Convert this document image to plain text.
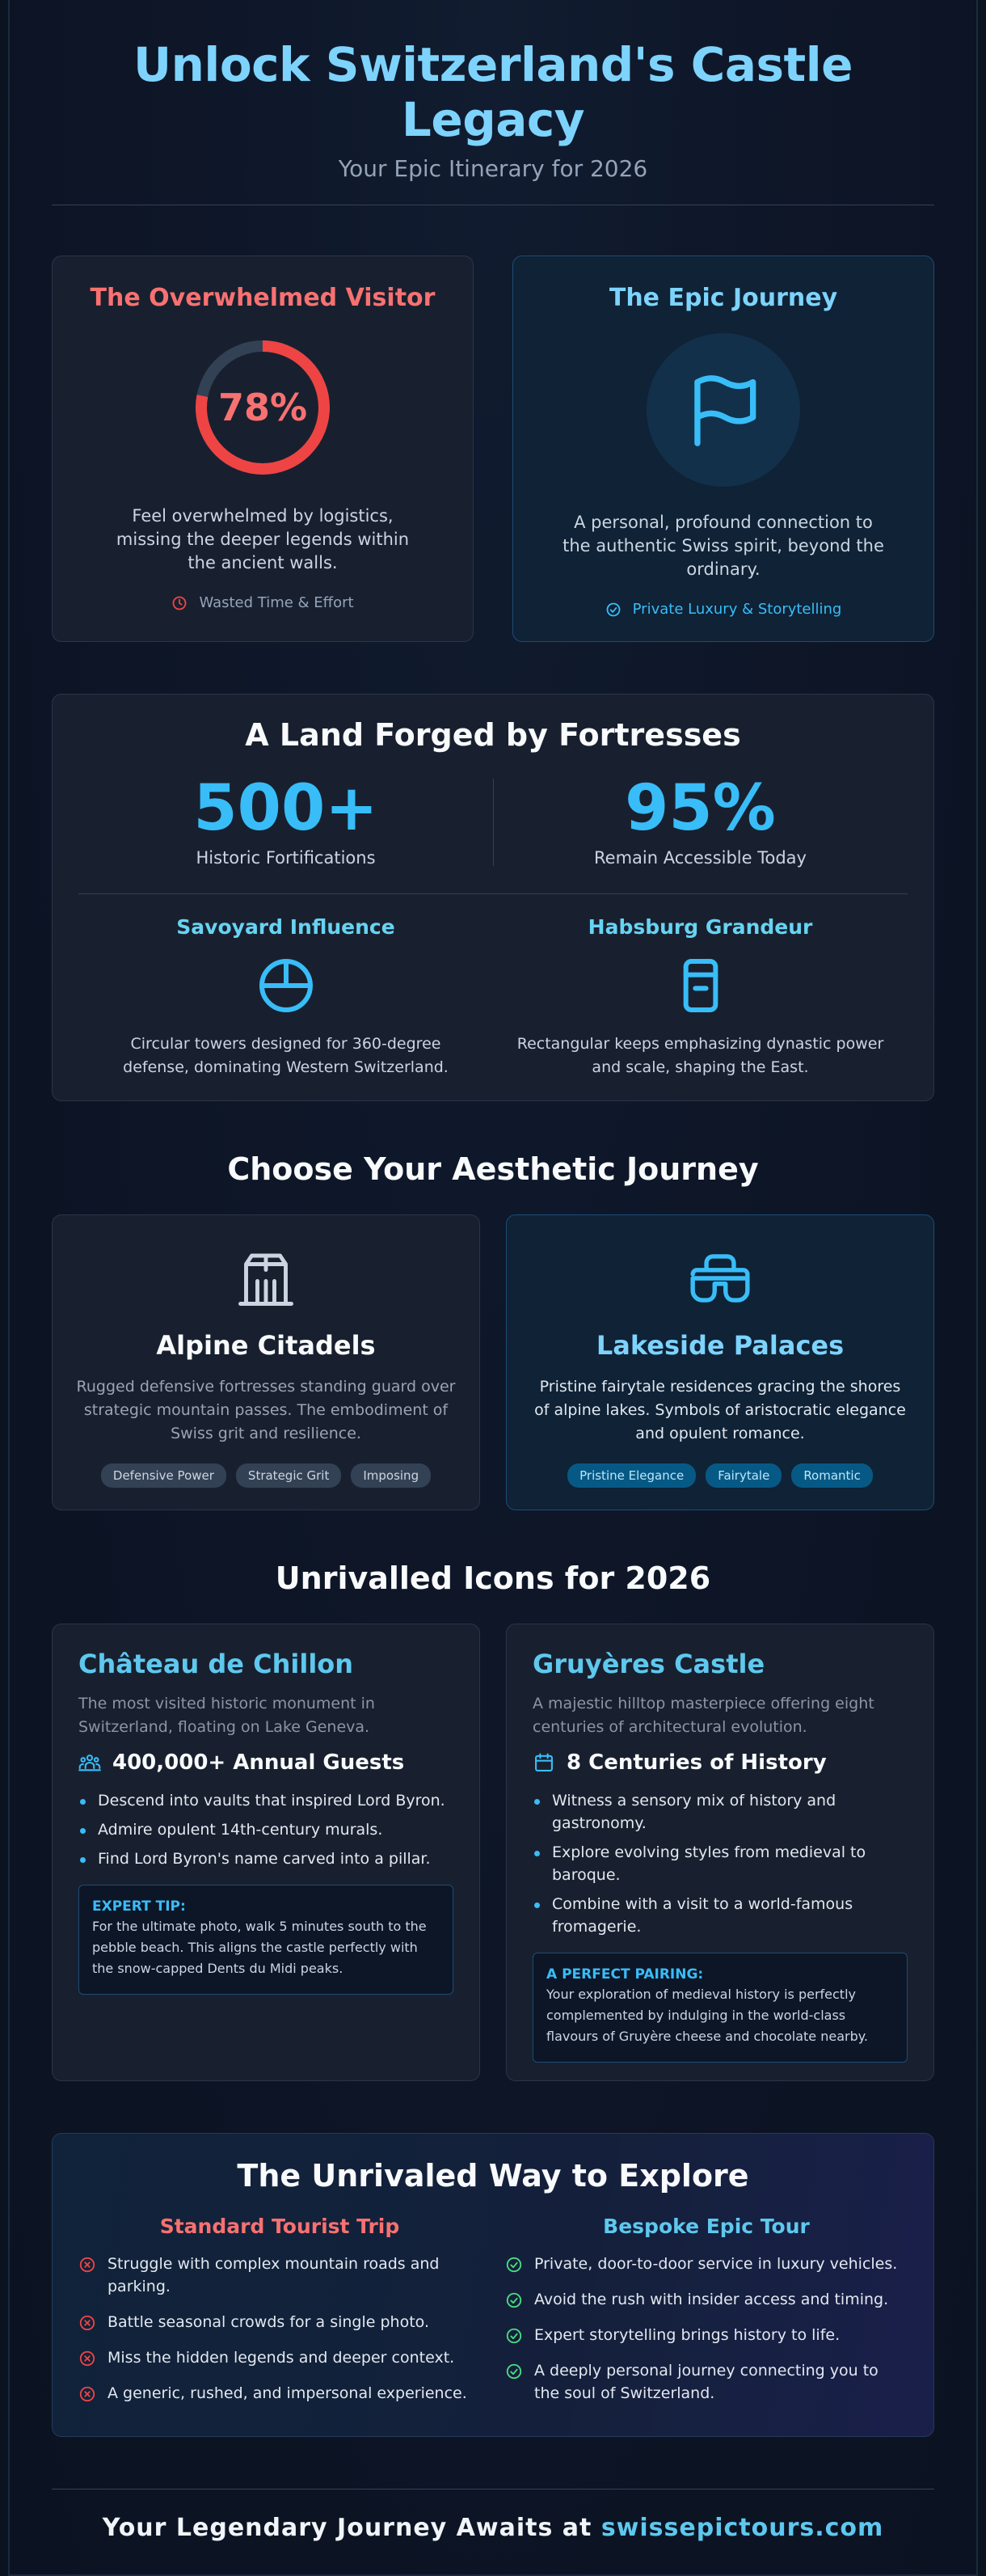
Unlock Switzerland's Castle Legacy
Your Epic Itinerary for 2026
The Overwhelmed Visitor
78%
Feel overwhelmed by logistics, missing the deeper legends within the ancient walls.
Wasted Time & Effort
The Epic Journey
A personal, profound connection to the authentic Swiss spirit, beyond the ordinary.
Private Luxury & Storytelling
A Land Forged by Fortresses
500+
Historic Fortifications
95%
Remain Accessible Today
Savoyard Influence
Circular towers designed for 360-degree defense, dominating Western Switzerland.
Habsburg Grandeur
Rectangular keeps emphasizing dynastic power and scale, shaping the East.
Choose Your Aesthetic Journey
Alpine Citadels
Rugged defensive fortresses standing guard over strategic mountain passes. The embodiment of Swiss grit and resilience.
Defensive Power	Strategic Grit	Imposing
Lakeside Palaces
Pristine fairytale residences gracing the shores of alpine lakes. Symbols of aristocratic elegance and opulent romance.
Pristine Elegance	Fairytale	Romantic
Unrivalled Icons for 2026
Château de Chillon
The most visited historic monument in Switzerland, floating on Lake Geneva.
400,000+ Annual Guests
Descend into vaults that inspired Lord Byron.
Admire opulent 14th-century murals.
Find Lord Byron's name carved into a pillar.
EXPERT TIP:
For the ultimate photo, walk 5 minutes south to the pebble beach. This aligns the castle perfectly with the snow-capped Dents du Midi peaks.
Gruyères Castle
A majestic hilltop masterpiece offering eight centuries of architectural evolution.
8 Centuries of History
Witness a sensory mix of history and gastronomy.
Explore evolving styles from medieval to baroque.
Combine with a visit to a world-famous fromagerie.
A PERFECT PAIRING:
Your exploration of medieval history is perfectly complemented by indulging in the world-class flavours of Gruyère cheese and chocolate nearby.
The Unrivaled Way to Explore
Standard Tourist Trip
Struggle with complex mountain roads and parking.
Battle seasonal crowds for a single photo.
Miss the hidden legends and deeper context.
A generic, rushed, and impersonal experience.
Bespoke Epic Tour
Private, door-to-door service in luxury vehicles.
Avoid the rush with insider access and timing.
Expert storytelling brings history to life.
A deeply personal journey connecting you to the soul of Switzerland.
Your Legendary Journey Awaits at swissepictours.com
